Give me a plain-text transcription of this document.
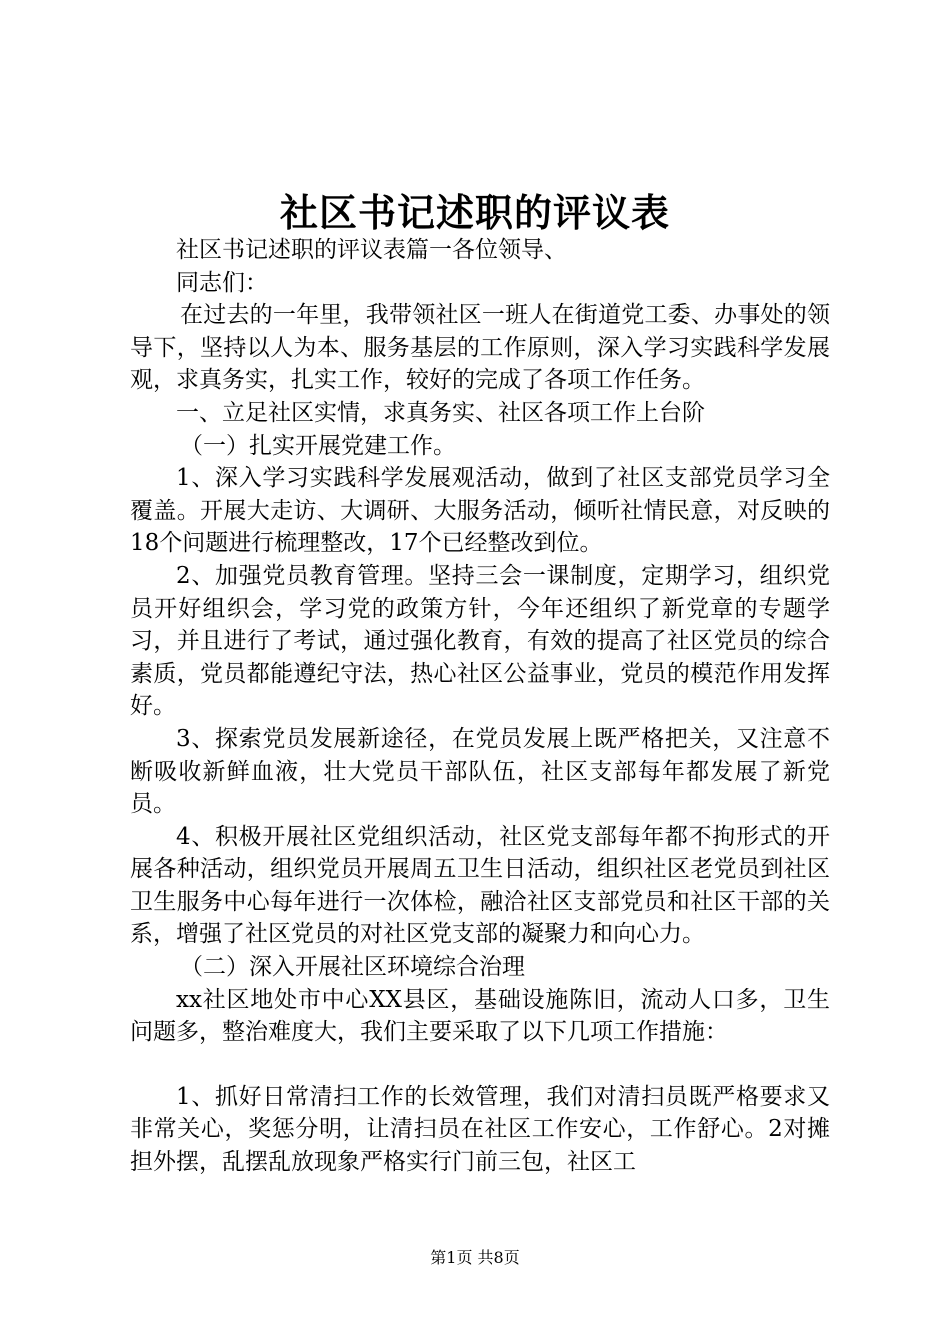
社区书记述职的评议表

社区书记述职的评议表篇一各位领导、

同志们：

在过去的一年里，我带领社区一班人在街道党工委、办事处的领导下，坚持以人为本、服务基层的工作原则，深入学习实践科学发展观，求真务实，扎实工作，较好的完成了各项工作任务。

一、立足社区实情，求真务实、社区各项工作上台阶

（一）扎实开展党建工作。

1、深入学习实践科学发展观活动，做到了社区支部党员学习全覆盖。开展大走访、大调研、大服务活动，倾听社情民意，对反映的18个问题进行梳理整改，17个已经整改到位。

2、加强党员教育管理。坚持三会一课制度，定期学习，组织党员开好组织会，学习党的政策方针，今年还组织了新党章的专题学习，并且进行了考试，通过强化教育，有效的提高了社区党员的综合素质，党员都能遵纪守法，热心社区公益事业，党员的模范作用发挥好。

3、探索党员发展新途径，在党员发展上既严格把关，又注意不断吸收新鲜血液，壮大党员干部队伍，社区支部每年都发展了新党员。

4、积极开展社区党组织活动，社区党支部每年都不拘形式的开展各种活动，组织党员开展周五卫生日活动，组织社区老党员到社区卫生服务中心每年进行一次体检，融洽社区支部党员和社区干部的关系，增强了社区党员的对社区党支部的凝聚力和向心力。

（二）深入开展社区环境综合治理

xx社区地处市中心XX县区，基础设施陈旧，流动人口多，卫生问题多，整治难度大，我们主要采取了以下几项工作措施：

1、抓好日常清扫工作的长效管理，我们对清扫员既严格要求又非常关心，奖惩分明，让清扫员在社区工作安心，工作舒心。2对摊担外摆，乱摆乱放现象严格实行门前三包，社区工

第1页 共8页
